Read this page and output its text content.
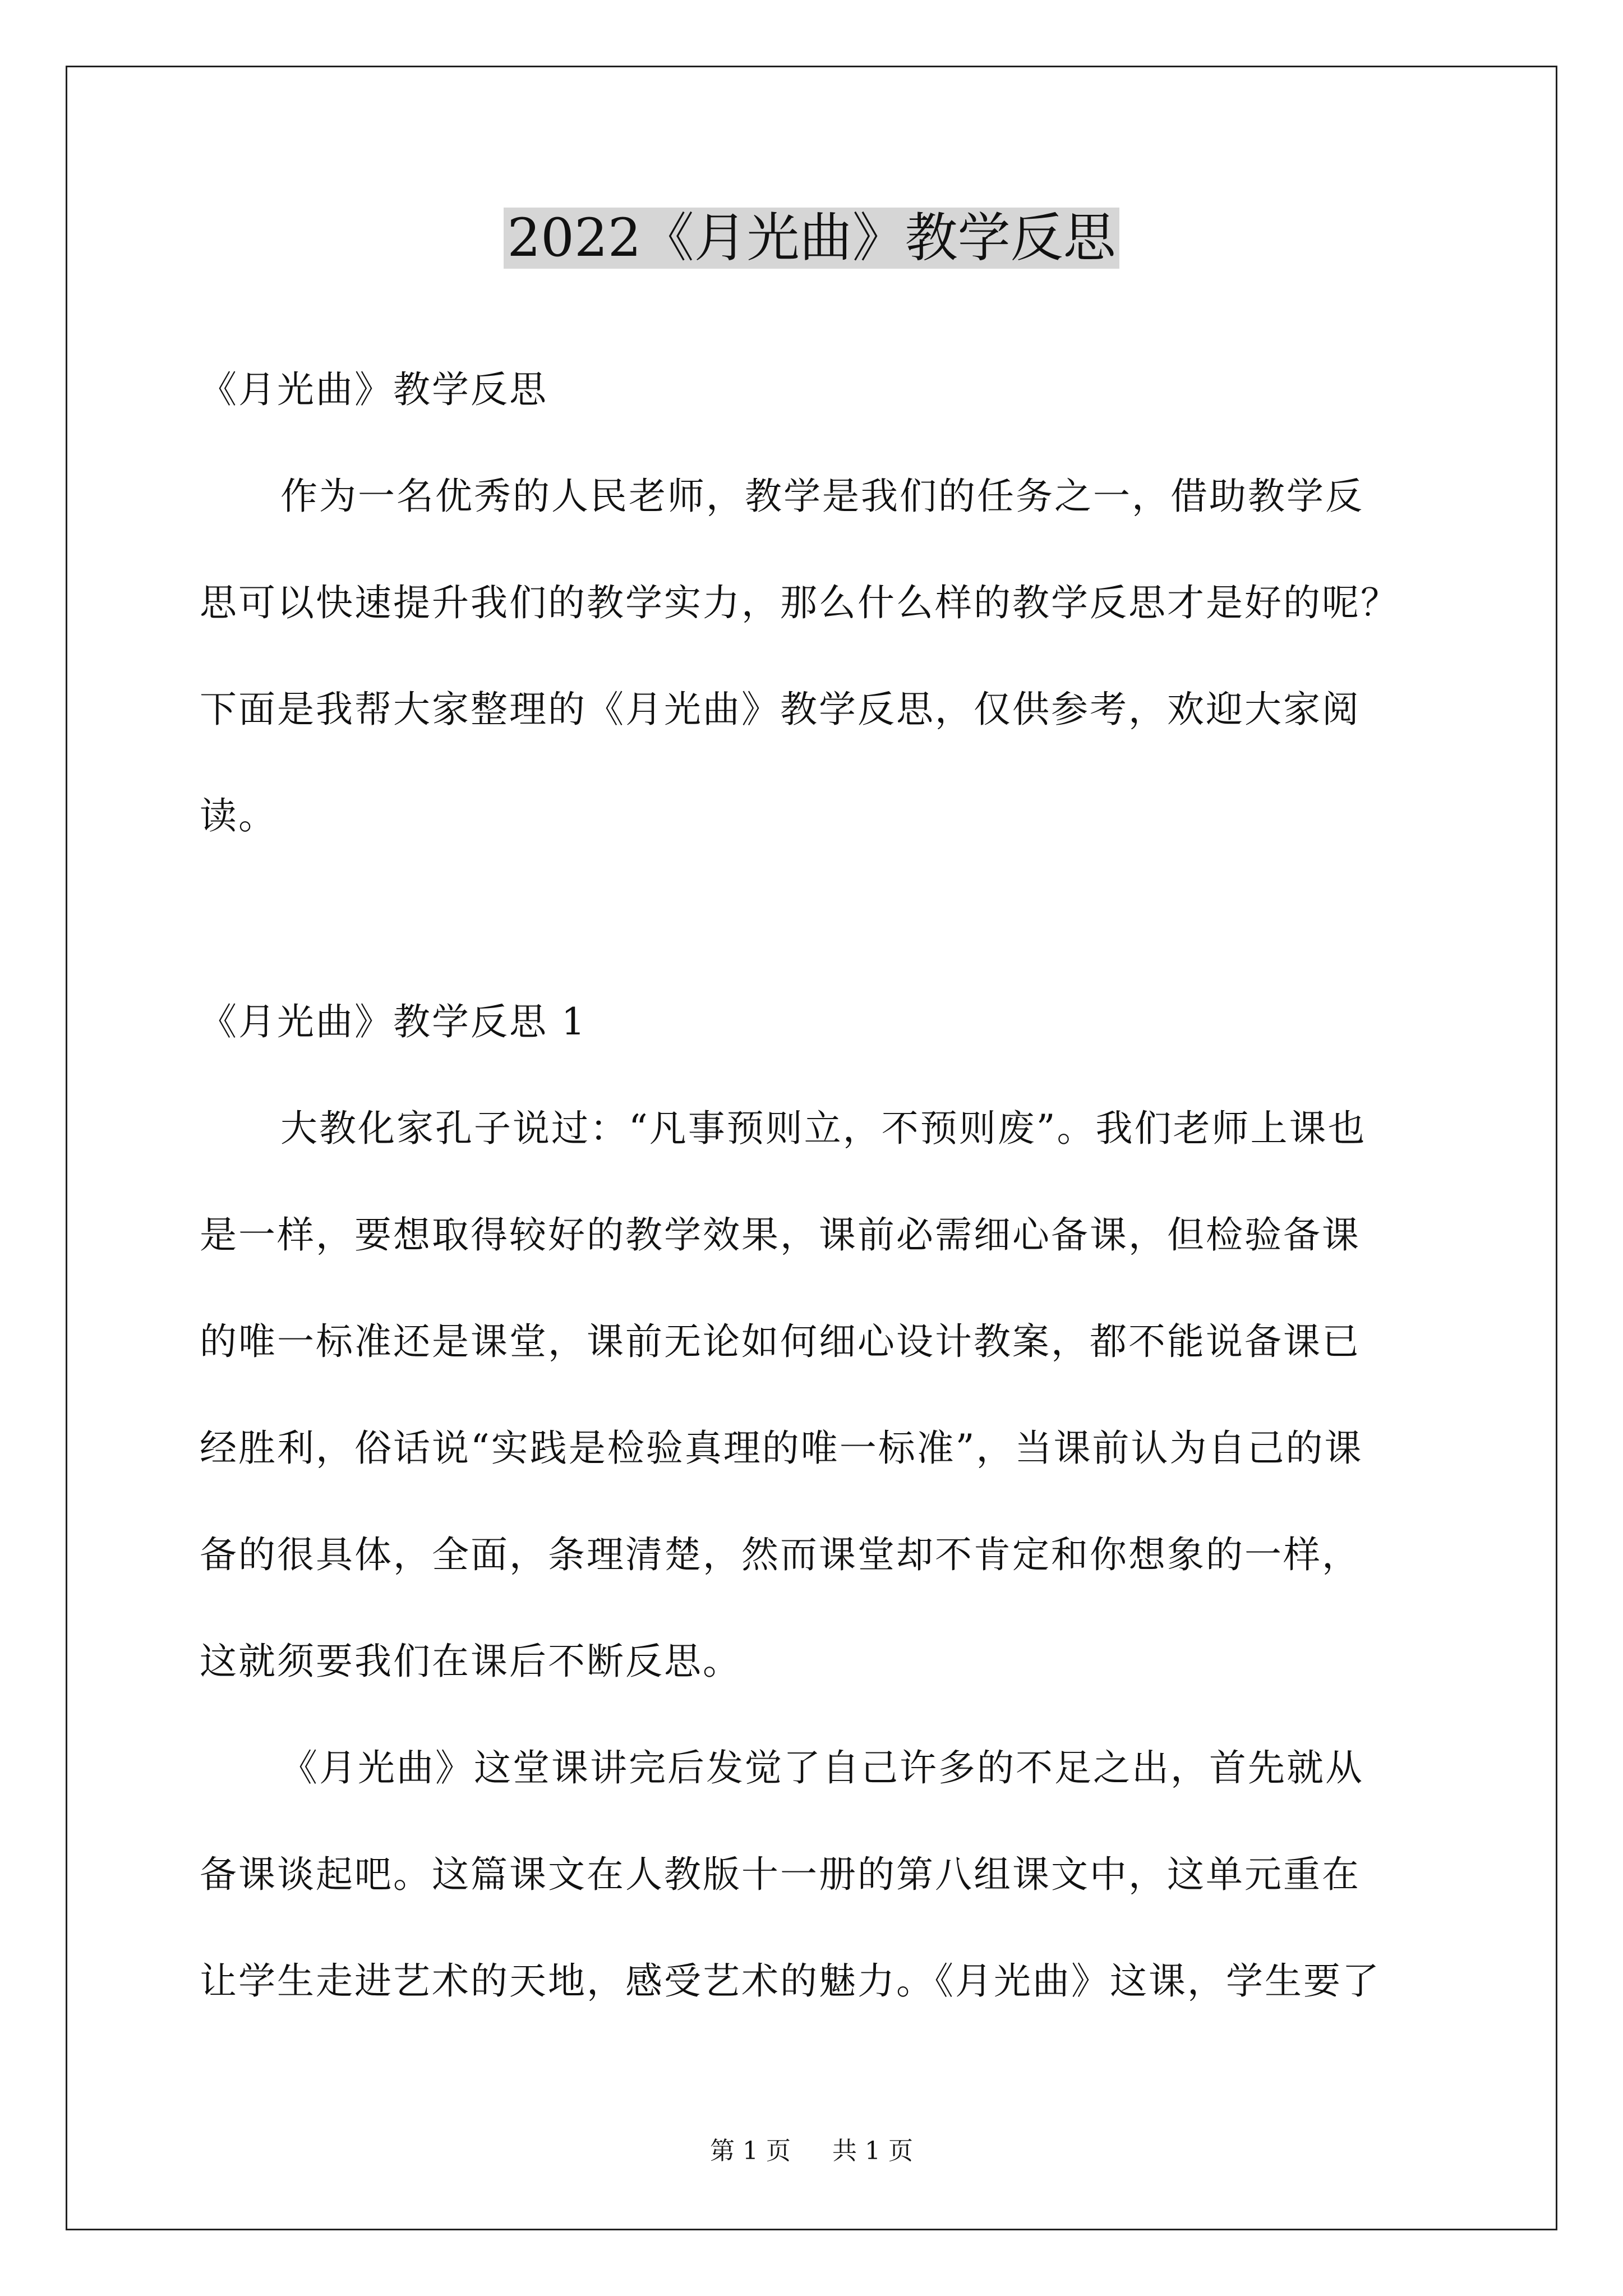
2022《月光曲》教学反思
《月光曲》教学反思
作为一名优秀的人民老师，教学是我们的任务之一，借助教学反
思可以快速提升我们的教学实力，那么什么样的教学反思才是好的呢？
下面是我帮大家整理的《月光曲》教学反思，仅供参考，欢迎大家阅
读。
《月光曲》教学反思 1
大教化家孔子说过：“凡事预则立，不预则废”。我们老师上课也
是一样，要想取得较好的教学效果，课前必需细心备课，但检验备课
的唯一标准还是课堂，课前无论如何细心设计教案，都不能说备课已
经胜利，俗话说“实践是检验真理的唯一标准”，当课前认为自己的课
备的很具体，全面，条理清楚，然而课堂却不肯定和你想象的一样，
这就须要我们在课后不断反思。
《月光曲》这堂课讲完后发觉了自己许多的不足之出，首先就从
备课谈起吧。这篇课文在人教版十一册的第八组课文中，这单元重在
让学生走进艺术的天地，感受艺术的魅力。《月光曲》这课，学生要了
第 1 页 共 1 页
